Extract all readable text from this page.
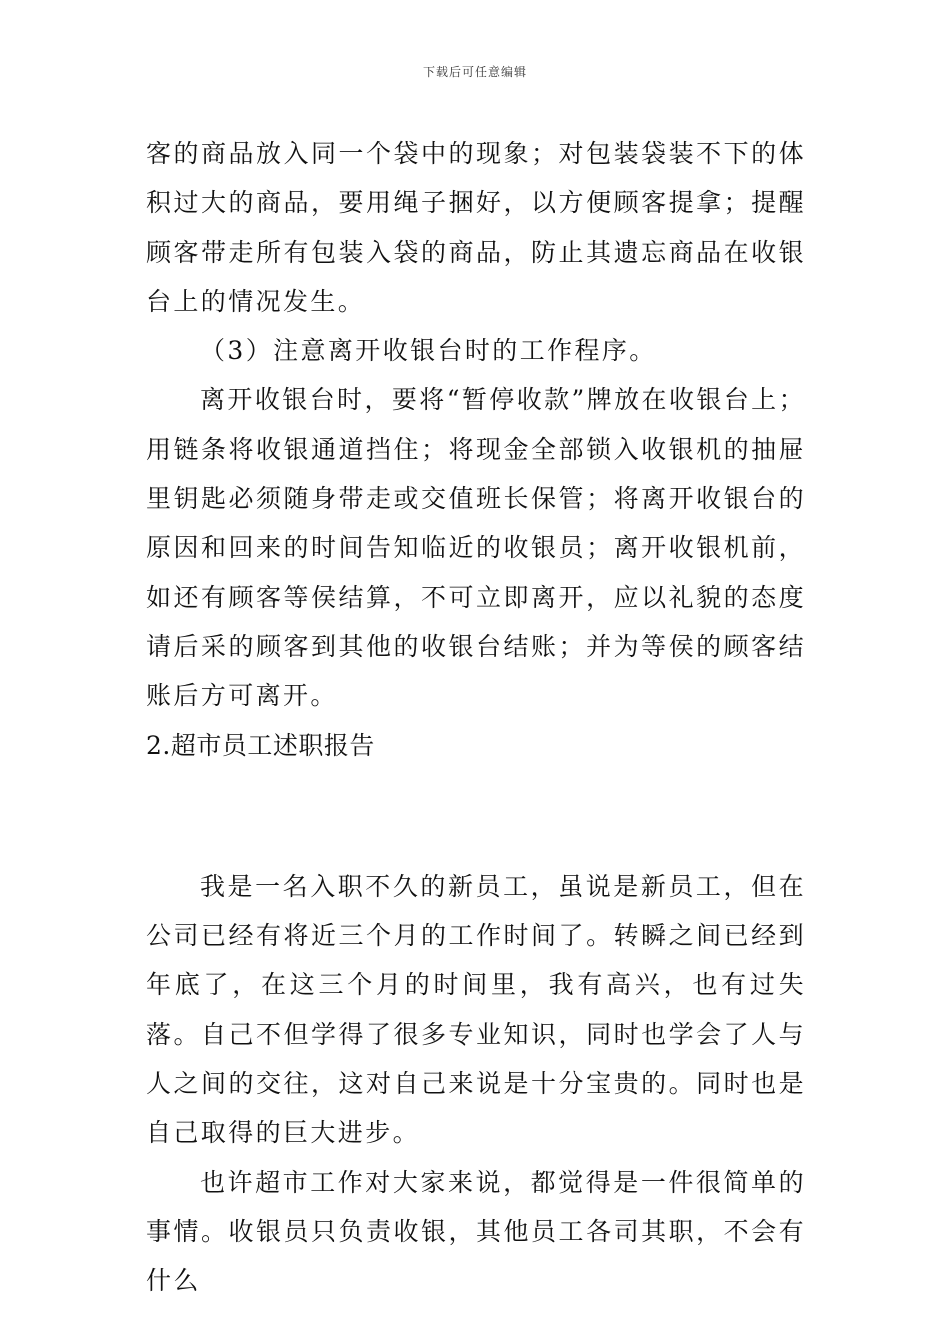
下载后可任意编辑

客的商品放入同一个袋中的现象；对包装袋装不下的体积过大的商品，要用绳子捆好，以方便顾客提拿；提醒顾客带走所有包装入袋的商品，防止其遗忘商品在收银台上的情况发生。

（3）注意离开收银台时的工作程序。

离开收银台时，要将“暂停收款”牌放在收银台上；用链条将收银通道挡住；将现金全部锁入收银机的抽屉里钥匙必须随身带走或交值班长保管；将离开收银台的原因和回来的时间告知临近的收银员；离开收银机前，如还有顾客等侯结算，不可立即离开，应以礼貌的态度请后采的顾客到其他的收银台结账；并为等侯的顾客结账后方可离开。

2.超市员工述职报告

我是一名入职不久的新员工，虽说是新员工，但在公司已经有将近三个月的工作时间了。转瞬之间已经到年底了，在这三个月的时间里，我有高兴，也有过失落。自己不但学得了很多专业知识，同时也学会了人与人之间的交往，这对自己来说是十分宝贵的。同时也是自己取得的巨大进步。

也许超市工作对大家来说，都觉得是一件很简单的事情。收银员只负责收银，其他员工各司其职，不会有什么
